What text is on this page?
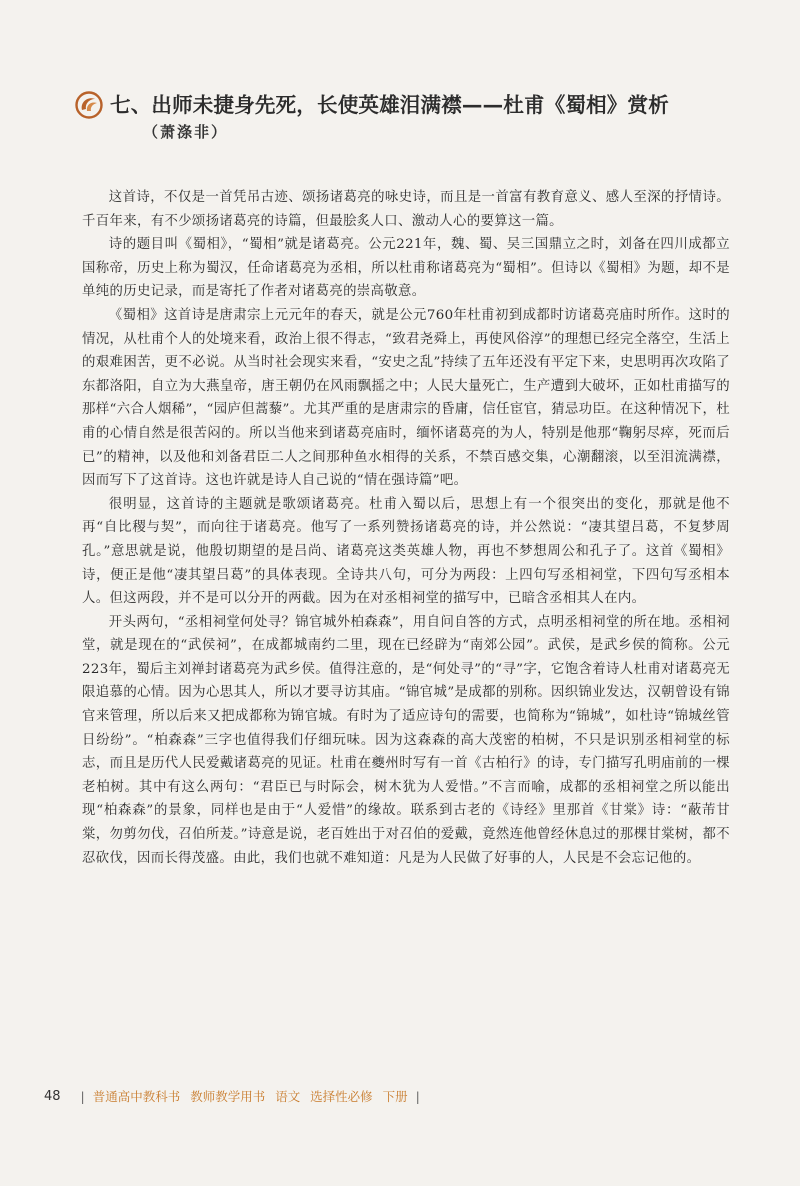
七、出师未捷身先死，长使英雄泪满襟——杜甫《蜀相》赏析
（萧涤非）

这首诗，不仅是一首凭吊古迹、颂扬诸葛亮的咏史诗，而且是一首富有教育意义、感人至深的抒情诗。千百年来，有不少颂扬诸葛亮的诗篇，但最脍炙人口、激动人心的要算这一篇。

诗的题目叫《蜀相》，“蜀相”就是诸葛亮。公元221年，魏、蜀、吴三国鼎立之时，刘备在四川成都立国称帝，历史上称为蜀汉，任命诸葛亮为丞相，所以杜甫称诸葛亮为“蜀相”。但诗以《蜀相》为题，却不是单纯的历史记录，而是寄托了作者对诸葛亮的崇高敬意。

《蜀相》这首诗是唐肃宗上元元年的春天，就是公元760年杜甫初到成都时访诸葛亮庙时所作。这时的情况，从杜甫个人的处境来看，政治上很不得志，“致君尧舜上，再使风俗淳”的理想已经完全落空，生活上的艰难困苦，更不必说。从当时社会现实来看，“安史之乱”持续了五年还没有平定下来，史思明再次攻陷了东都洛阳，自立为大燕皇帝，唐王朝仍在风雨飘摇之中；人民大量死亡，生产遭到大破坏，正如杜甫描写的那样“六合人烟稀”，“园庐但蒿藜”。尤其严重的是唐肃宗的昏庸，信任宦官，猜忌功臣。在这种情况下，杜甫的心情自然是很苦闷的。所以当他来到诸葛亮庙时，缅怀诸葛亮的为人，特别是他那“鞠躬尽瘁，死而后已”的精神，以及他和刘备君臣二人之间那种鱼水相得的关系，不禁百感交集，心潮翻滚，以至泪流满襟，因而写下了这首诗。这也许就是诗人自己说的“情在强诗篇”吧。

很明显，这首诗的主题就是歌颂诸葛亮。杜甫入蜀以后，思想上有一个很突出的变化，那就是他不再“自比稷与契”，而向往于诸葛亮。他写了一系列赞扬诸葛亮的诗，并公然说：“凄其望吕葛，不复梦周孔。”意思就是说，他殷切期望的是吕尚、诸葛亮这类英雄人物，再也不梦想周公和孔子了。这首《蜀相》诗，便正是他“凄其望吕葛”的具体表现。全诗共八句，可分为两段：上四句写丞相祠堂，下四句写丞相本人。但这两段，并不是可以分开的两截。因为在对丞相祠堂的描写中，已暗含丞相其人在内。

开头两句，“丞相祠堂何处寻？锦官城外柏森森”，用自问自答的方式，点明丞相祠堂的所在地。丞相祠堂，就是现在的“武侯祠”，在成都城南约二里，现在已经辟为“南郊公园”。武侯，是武乡侯的简称。公元223年，蜀后主刘禅封诸葛亮为武乡侯。值得注意的，是“何处寻”的“寻”字，它饱含着诗人杜甫对诸葛亮无限追慕的心情。因为心思其人，所以才要寻访其庙。“锦官城”是成都的别称。因织锦业发达，汉朝曾设有锦官来管理，所以后来又把成都称为锦官城。有时为了适应诗句的需要，也简称为“锦城”，如杜诗“锦城丝管日纷纷”。“柏森森”三字也值得我们仔细玩味。因为这森森的高大茂密的柏树，不只是识别丞相祠堂的标志，而且是历代人民爱戴诸葛亮的见证。杜甫在夔州时写有一首《古柏行》的诗，专门描写孔明庙前的一棵老柏树。其中有这么两句：“君臣已与时际会，树木犹为人爱惜。”不言而喻，成都的丞相祠堂之所以能出现“柏森森”的景象，同样也是由于“人爱惜”的缘故。联系到古老的《诗经》里那首《甘棠》诗：“蔽芾甘棠，勿剪勿伐，召伯所茇。”诗意是说，老百姓出于对召伯的爱戴，竟然连他曾经休息过的那棵甘棠树，都不忍砍伐，因而长得茂盛。由此，我们也就不难知道：凡是为人民做了好事的人，人民是不会忘记他的。

48 | 普通高中教科书 教师教学用书 语文 选择性必修 下册 |
